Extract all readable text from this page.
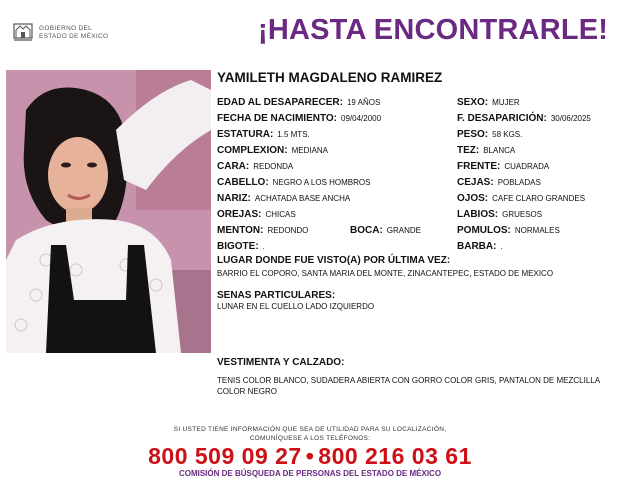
GOBIERNO DEL
ESTADO DE MÉXICO	¡HASTA ENCONTRARLE!
YAMILETH MAGDALENO RAMIREZ
EDAD AL DESAPARECER: 19 AÑOS
FECHA DE NACIMIENTO: 09/04/2000
ESTATURA: 1.5 MTS.
COMPLEXION: MEDIANA
CARA: REDONDA
CABELLO: NEGRO A LOS HOMBROS
NARIZ: ACHATADA BASE ANCHA
OREJAS: CHICAS
MENTON: REDONDO	BOCA: GRANDE
BIGOTE: .
SEXO: MUJER
F. DESAPARICIÓN: 30/06/2025
PESO: 58 KGS.
TEZ: BLANCA
FRENTE: CUADRADA
CEJAS: POBLADAS
OJOS: CAFE CLARO GRANDES
LABIOS: GRUESOS
POMULOS: NORMALES
BARBA: .
LUGAR DONDE FUE VISTO(A) POR ÚLTIMA VEZ:
BARRIO EL COPORO, SANTA MARIA DEL MONTE, ZINACANTEPEC, ESTADO DE MEXICO
SENAS PARTICULARES:
LUNAR EN EL CUELLO LADO IZQUIERDO
VESTIMENTA Y CALZADO:
TENIS COLOR BLANCO, SUDADERA ABIERTA CON GORRO COLOR GRIS, PANTALON DE MEZCLILLA COLOR NEGRO
SI USTED TIENE INFORMACIÓN QUE SEA DE UTILIDAD PARA SU LOCALIZACIÓN,
COMUNÍQUESE A LOS TELÉFONOS:
800 509 09 27 • 800 216 03 61
COMISIÓN DE BÚSQUEDA DE PERSONAS DEL ESTADO DE MÉXICO
